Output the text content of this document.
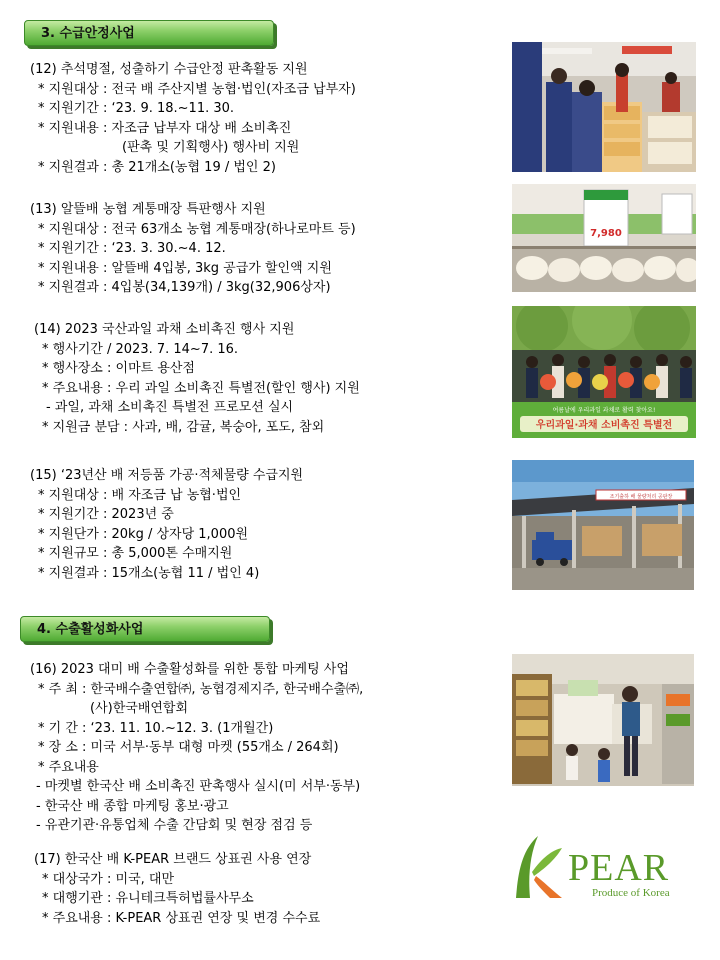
3. 수급안정사업
(12) 추석명절, 성출하기 수급안정 판촉활동 지원
* 지원대상 : 전국 배 주산지별 농협·법인(자조금 납부자)
* 지원기간 : ‘23. 9. 18.~11. 30.
* 지원내용 : 자조금 납부자 대상 배 소비촉진
(판촉 및 기획행사) 행사비 지원
* 지원결과 : 총 21개소(농협 19 / 법인 2)
(13) 알뜰배 농협 계통매장 특판행사 지원
* 지원대상 : 전국 63개소 농협 계통매장(하나로마트 등)
* 지원기간 : ‘23. 3. 30.~4. 12.
* 지원내용 : 알뜰배 4입봉, 3kg 공급가 할인액 지원
* 지원결과 : 4입봉(34,139개) / 3kg(32,906상자)
(14) 2023 국산과일 과채 소비촉진 행사 지원
* 행사기간 / 2023. 7. 14~7. 16.
* 행사장소 : 이마트 용산점
* 주요내용 : 우리 과일 소비촉진 특별전(할인 행사) 지원
- 과일, 과채 소비촉진 특별전 프로모션 실시
* 지원금 분담 : 사과, 배, 감귤, 복숭아, 포도, 참외
(15) ‘23년산 배 저등품 가공·적체물량 수급지원
* 지원대상 : 배 자조금 납 농협·법인
* 지원기간 : 2023년 중
* 지원단가 : 20kg / 상자당 1,000원
* 지원규모 : 총 5,000톤 수매지원
* 지원결과 : 15개소(농협 11 / 법인 4)
4. 수출활성화사업
(16) 2023 대미 배 수출활성화를 위한 통합 마케팅 사업
* 주 최 : 한국배수출연합㈜, 농협경제지주, 한국배수출㈜,
(사)한국배연합회
* 기 간 : ‘23. 11. 10.~12. 3. (1개월간)
* 장 소 : 미국 서부·동부 대형 마켓 (55개소 / 264회)
* 주요내용
- 마켓별 한국산 배 소비촉진 판촉행사 실시(미 서부·동부)
- 한국산 배 종합 마케팅 홍보·광고
- 유관기관·유통업체 수출 간담회 및 현장 점검 등
(17) 한국산 배 K-PEAR 브랜드 상표권 사용 연장
* 대상국가 : 미국, 대만
* 대행기관 : 유니테크특허법률사무소
* 주요내용 : K-PEAR 상표권 연장 및 변경 수수료
7,980
여름날에 우리과일 과채로 활력 찾아요!
우리과일·과채 소비촉진 특별전
조기출하 배 물량처리 공판장
PEAR
Produce of Korea
